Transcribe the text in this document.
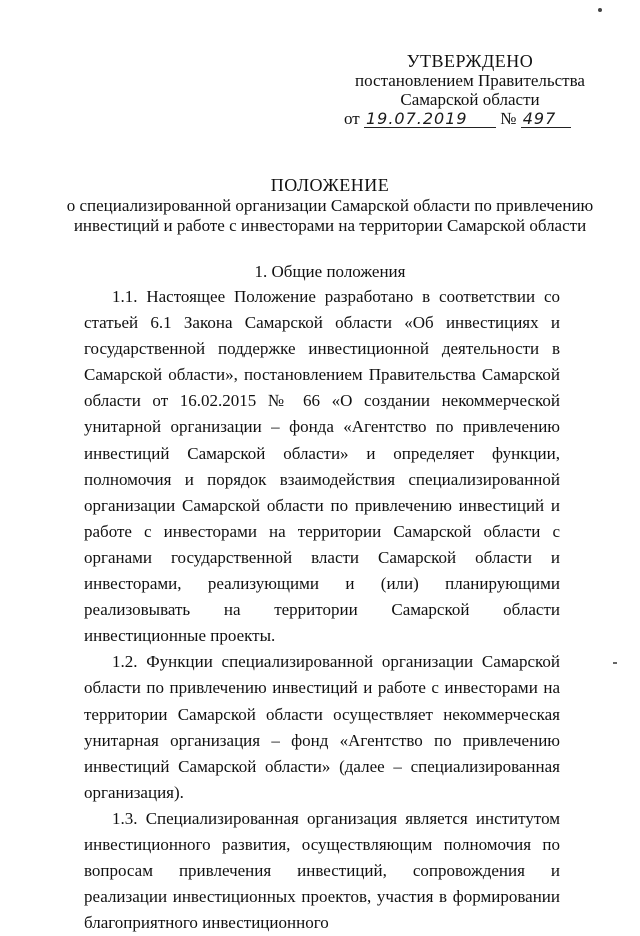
УТВЕРЖДЕНО
постановлением Правительства
Самарской области
от 19.07.2019 № 497
ПОЛОЖЕНИЕ
о специализированной организации Самарской области по привлечению инвестиций и работе с инвесторами на территории Самарской области
1. Общие положения

1.1. Настоящее Положение разработано в соответствии со статьей 6.1 Закона Самарской области «Об инвестициях и государственной поддержке инвестиционной деятельности в Самарской области», постановлением Правительства Самарской области от 16.02.2015 № 66 «О создании некоммерческой унитарной организации – фонда «Агентство по привлечению инвестиций Самарской области» и определяет функции, полномочия и порядок взаимодействия специализированной организации Самарской области по привлечению инвестиций и работе с инвесторами на территории Самарской области с органами государственной власти Самарской области и инвесторами, реализующими и (или) планирующими реализовывать на территории Самарской области инвестиционные проекты.

1.2. Функции специализированной организации Самарской области по привлечению инвестиций и работе с инвесторами на территории Самарской области осуществляет некоммерческая унитарная организация – фонд «Агентство по привлечению инвестиций Самарской области» (далее – специализированная организация).

1.3. Специализированная организация является институтом инвестиционного развития, осуществляющим полномочия по вопросам привлечения инвестиций, сопровождения и реализации инвестиционных проектов, участия в формировании благоприятного инвестиционного
